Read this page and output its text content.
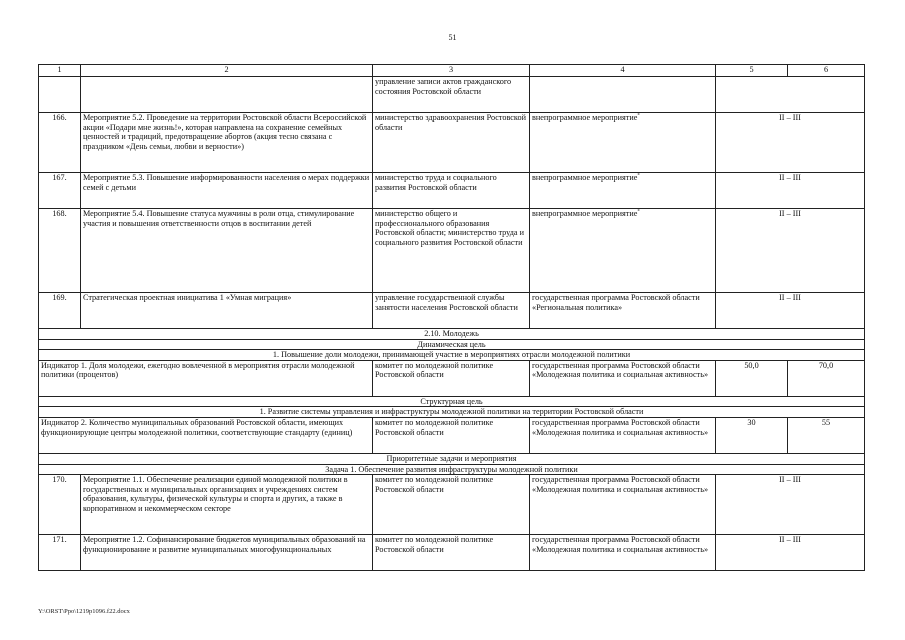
51
1	2	3	4	5	6
		управление записи актов гражданского состояния Ростовской области			
166.	Мероприятие 5.2. Проведение на территории Ростовской области Всероссийской акции «Подари мне жизнь!», которая направлена на сохранение семейных ценностей и традиций, предотвращение абортов (акция тесно связана с праздником «День семьи, любви и верности»)	министерство здравоохранения Ростовской области	внепрограммное мероприятие*	II – III	
167.	Мероприятие 5.3. Повышение информированности населения о мерах поддержки семей с детьми	министерство труда и социального развития Ростовской области	внепрограммное мероприятие*	II – III	
168.	Мероприятие 5.4. Повышение статуса мужчины в роли отца, стимулирование участия и повышения ответственности отцов в воспитании детей	министерство общего и профессионального образования Ростовской области; министерство труда и социального развития Ростовской области	внепрограммное мероприятие*	II – III	
169.	Стратегическая проектная инициатива 1 «Умная миграция»	управление государственной службы занятости населения Ростовской области	государственная программа Ростовской области «Региональная политика»	II – III	
2.10. Молодежь					
Динамическая цель					
1. Повышение доли молодежи, принимающей участие в мероприятиях отрасли молодежной политики					
Индикатор 1. Доля молодежи, ежегодно вовлеченной в мероприятия отрасли молодежной политики (процентов)		комитет по молодежной политике Ростовской области	государственная программа Ростовской области «Молодежная политика и социальная активность»	50,0	70,0
Структурная цель					
1. Развитие системы управления и инфраструктуры молодежной политики на территории Ростовской области					
Индикатор 2. Количество муниципальных образований Ростовской области, имеющих функционирующие центры молодежной политики, соответствующие стандарту (единиц)		комитет по молодежной политике Ростовской области	государственная программа Ростовской области «Молодежная политика и социальная активность»	30	55
Приоритетные задачи и мероприятия					
Задача 1. Обеспечение развития инфраструктуры молодежной политики					
170.	Мероприятие 1.1. Обеспечение реализации единой молодежной политики в государственных и муниципальных организациях и учреждениях систем образования, культуры, физической культуры и спорта и других, а также в корпоративном и некоммерческом секторе	комитет по молодежной политике Ростовской области	государственная программа Ростовской области «Молодежная политика и социальная активность»	II – III	
171.	Мероприятие 1.2. Софинансирование бюджетов муниципальных образований на функционирование и развитие муниципальных многофункциональных	комитет по молодежной политике Ростовской области	государственная программа Ростовской области «Молодежная политика и социальная активность»	II – III	
Y:\ORST\Ppo\1219p1096.f22.docx
